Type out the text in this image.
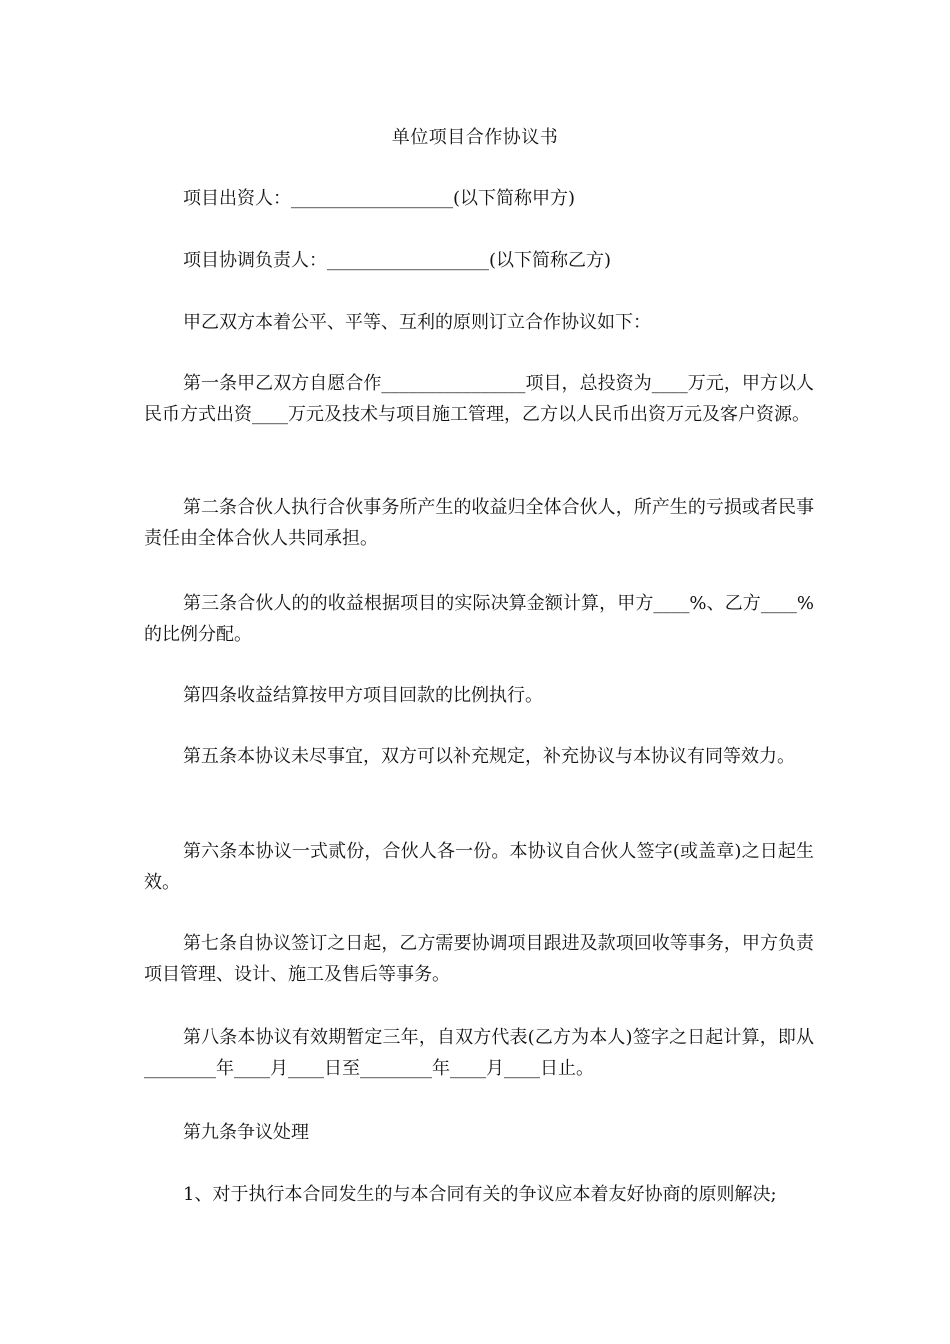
单位项目合作协议书
项目出资人：__________________(以下简称甲方)
项目协调负责人：__________________(以下简称乙方)
甲乙双方本着公平、平等、互利的原则订立合作协议如下：
第一条甲乙双方自愿合作________________项目，总投资为____万元，甲方以人民币方式出资____万元及技术与项目施工管理，乙方以人民币出资万元及客户资源。
第二条合伙人执行合伙事务所产生的收益归全体合伙人，所产生的亏损或者民事责任由全体合伙人共同承担。
第三条合伙人的的收益根据项目的实际决算金额计算，甲方____%、乙方____%的比例分配。
第四条收益结算按甲方项目回款的比例执行。
第五条本协议未尽事宜，双方可以补充规定，补充协议与本协议有同等效力。
第六条本协议一式贰份，合伙人各一份。本协议自合伙人签字(或盖章)之日起生效。
第七条自协议签订之日起，乙方需要协调项目跟进及款项回收等事务，甲方负责项目管理、设计、施工及售后等事务。
第八条本协议有效期暂定三年，自双方代表(乙方为本人)签字之日起计算，即从________年____月____日至________年____月____日止。
第九条争议处理
1、对于执行本合同发生的与本合同有关的争议应本着友好协商的原则解决;
